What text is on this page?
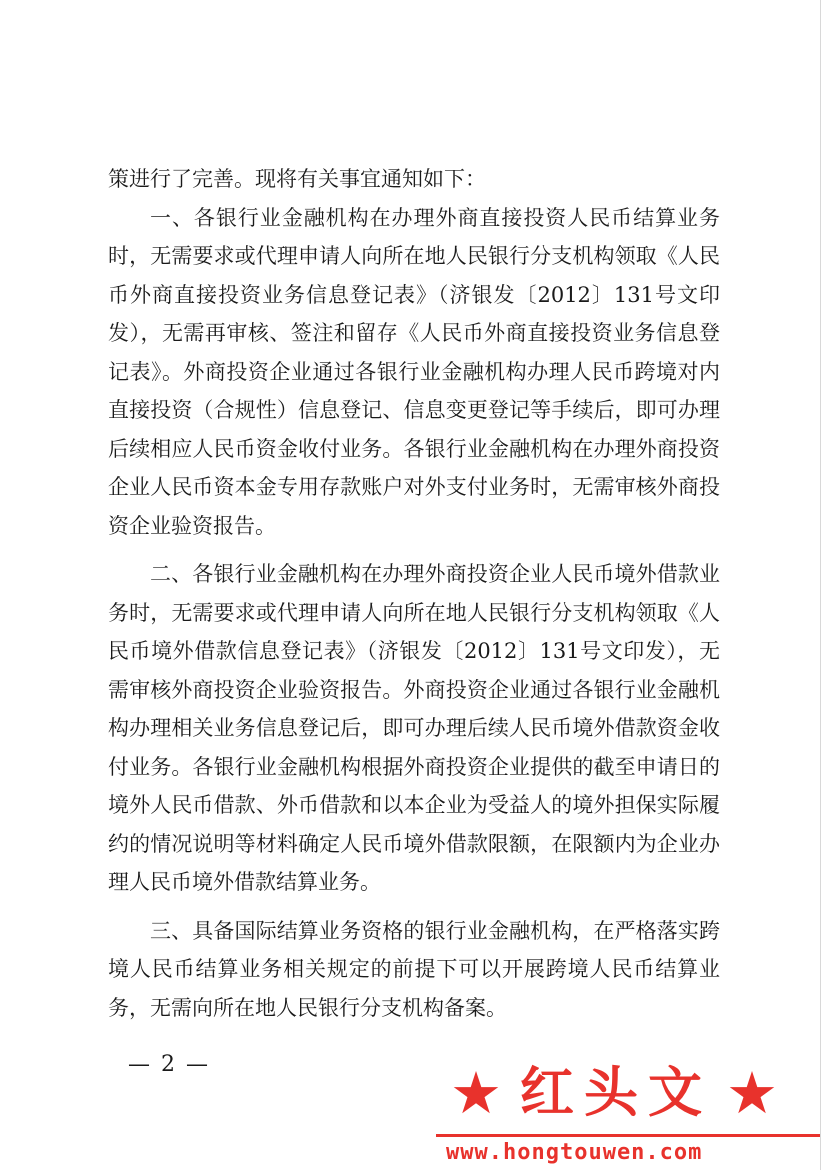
策进行了完善。现将有关事宜通知如下：

一、各银行业金融机构在办理外商直接投资人民币结算业务时，无需要求或代理申请人向所在地人民银行分支机构领取《人民币外商直接投资业务信息登记表》（济银发〔2012〕131号文印发），无需再审核、签注和留存《人民币外商直接投资业务信息登记表》。外商投资企业通过各银行业金融机构办理人民币跨境对内直接投资（合规性）信息登记、信息变更登记等手续后，即可办理后续相应人民币资金收付业务。各银行业金融机构在办理外商投资企业人民币资本金专用存款账户对外支付业务时，无需审核外商投资企业验资报告。

二、各银行业金融机构在办理外商投资企业人民币境外借款业务时，无需要求或代理申请人向所在地人民银行分支机构领取《人民币境外借款信息登记表》（济银发〔2012〕131号文印发），无需审核外商投资企业验资报告。外商投资企业通过各银行业金融机构办理相关业务信息登记后，即可办理后续人民币境外借款资金收付业务。各银行业金融机构根据外商投资企业提供的截至申请日的境外人民币借款、外币借款和以本企业为受益人的境外担保实际履约的情况说明等材料确定人民币境外借款限额，在限额内为企业办理人民币境外借款结算业务。

三、具备国际结算业务资格的银行业金融机构，在严格落实跨境人民币结算业务相关规定的前提下可以开展跨境人民币结算业务，无需向所在地人民银行分支机构备案。

— 2 —	★ 红头文 ★
www.hongtouwen.com
